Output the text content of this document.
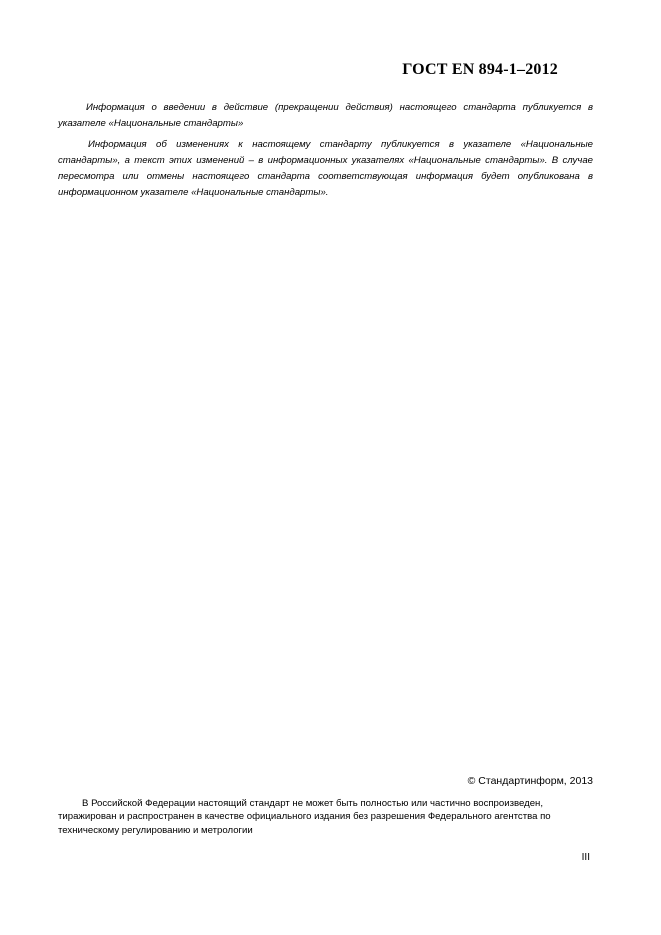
ГОСТ EN 894-1–2012

Информация о введении в действие (прекращении действия) настоящего стандарта публикуется в указателе «Национальные стандарты»

Информация об изменениях к настоящему стандарту публикуется в указателе «Национальные стандарты», а текст этих изменений – в информационных указателях «Национальные стандарты». В случае пересмотра или отмены настоящего стандарта соответствующая информация будет опубликована в информационном указателе «Национальные стандарты».

© Стандартинформ, 2013

В Российской Федерации настоящий стандарт не может быть полностью или частично воспроизведен, тиражирован и распространен в качестве официального издания без разрешения Федерального агентства по техническому регулированию и метрологии

III
